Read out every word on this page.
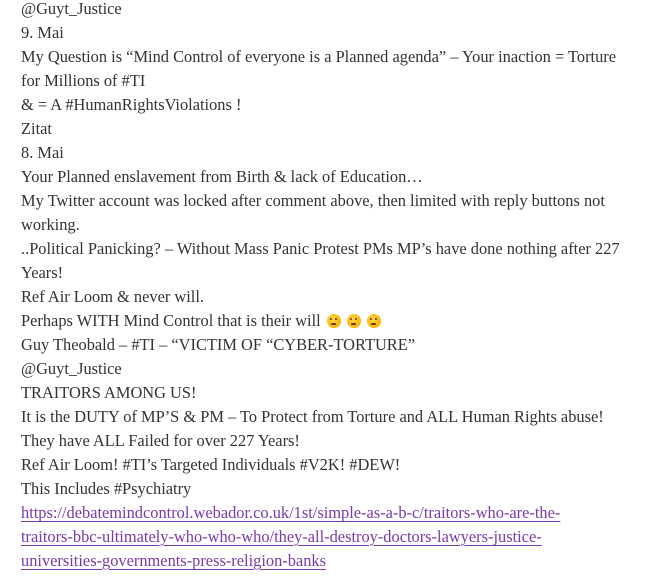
@Guyt_Justice
9. Mai
My Question is “Mind Control of everyone is a Planned agenda” – Your inaction = Torture
for Millions of #TI
& = A #HumanRightsViolations !
Zitat
8. Mai
Your Planned enslavement from Birth & lack of Education…
My Twitter account was locked after comment above, then limited with reply buttons not
working.
..Political Panicking? – Without Mass Panic Protest PMs MP’s have done nothing after 227
Years!
Ref Air Loom & never will.
Perhaps WITH Mind Control that is their will
Guy Theobald – #TI – “VICTIM OF “CYBER-TORTURE”
@Guyt_Justice
TRAITORS AMONG US!
It is the DUTY of MP’S & PM – To Protect from Torture and ALL Human Rights abuse!
They have ALL Failed for over 227 Years!
Ref Air Loom! #TI’s Targeted Individuals #V2K! #DEW!
This Includes #Psychiatry
https://debatemindcontrol.webador.co.uk/1st/simple-as-a-b-c/traitors-who-are-the-
traitors-bbc-ultimately-who-who-who/they-all-destroy-doctors-lawyers-justice-
universities-governments-press-religion-banks
